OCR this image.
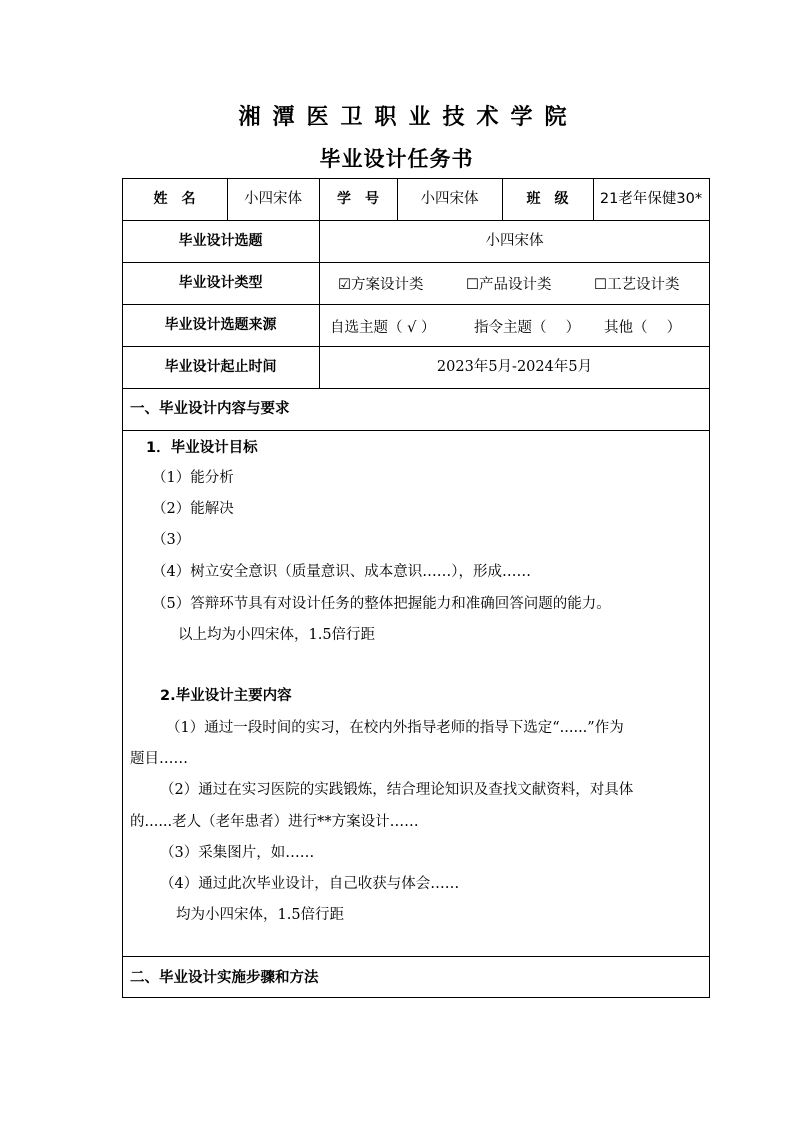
湘潭医卫职业技术学院
毕业设计任务书
姓　名	小四宋体	学　号	小四宋体	班　级	21老年保健30*
毕业设计选题	小四宋体
毕业设计类型	☑方案设计类	☐产品设计类	☐工艺设计类
毕业设计选题来源	自选主题（ √ ）	指令主题（　 ） 其他（　 ）
毕业设计起止时间	2023年5月-2024年5月
一、毕业设计内容与要求
1．毕业设计目标
（1）能分析
（2）能解决
（3）
（4）树立安全意识（质量意识、成本意识……），形成……
（5）答辩环节具有对设计任务的整体把握能力和准确回答问题的能力。
以上均为小四宋体，1.5倍行距
2.毕业设计主要内容
（1）通过一段时间的实习，在校内外指导老师的指导下选定“......”作为
题目……
（2）通过在实习医院的实践锻炼，结合理论知识及查找文献资料，对具体
的......老人（老年患者）进行**方案设计……
（3）采集图片，如……
（4）通过此次毕业设计，自己收获与体会……
均为小四宋体，1.5倍行距
二、毕业设计实施步骤和方法
